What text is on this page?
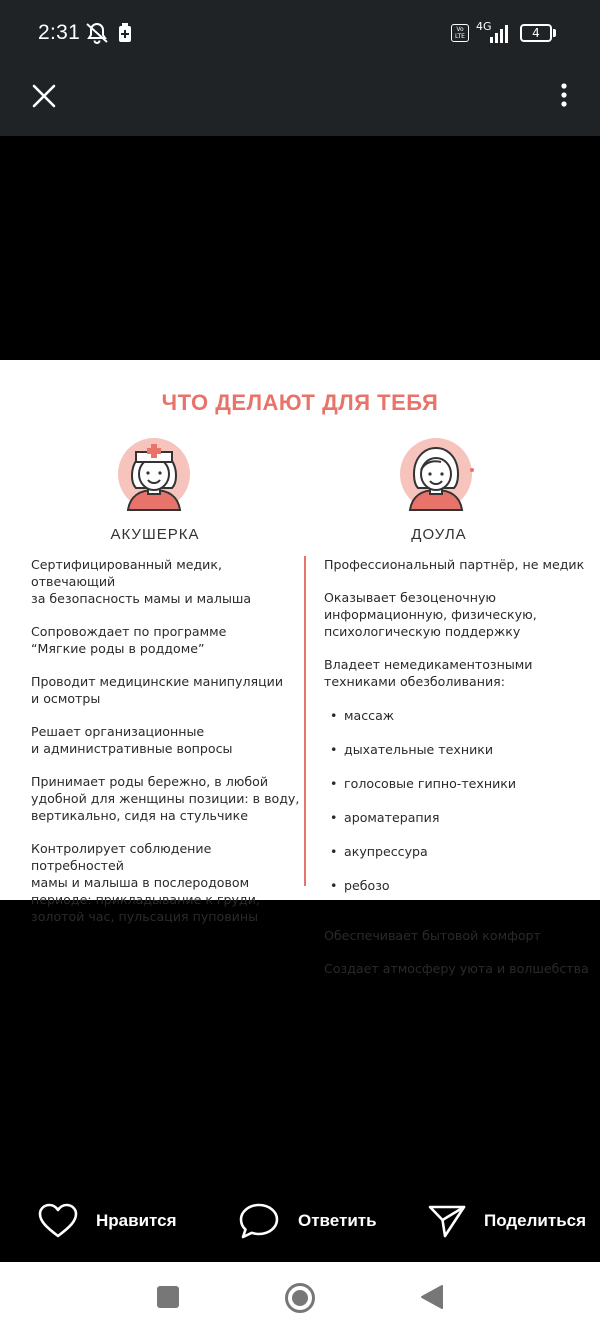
2:31	Vo LTE
4G	4
ЧТО ДЕЛАЮТ ДЛЯ ТЕБЯ
АКУШЕРКА	ДОУЛА
Сертифицированный медик, отвечающий
за безопасность мамы и малыша
Сопровождает по программе
“Мягкие роды в роддоме”
Проводит медицинские манипуляции
и осмотры
Решает организационные
и административные вопросы
Принимает роды бережно, в любой
удобной для женщины позиции: в воду,
вертикально, сидя на стульчике
Контролирует соблюдение потребностей
мамы и малыша в послеродовом
периоде: прикладывание к груди,
золотой час, пульсация пуповины
Профессиональный партнёр, не медик
Оказывает безоценочную
информационную, физическую,
психологическую поддержку
Владеет немедикаментозными
техниками обезболивания:

• массаж

• дыхательные техники

• голосовые гипно-техники

• ароматерапия

• акупрессура

• ребозо

Обеспечивает бытовой комфорт
Создает атмосферу уюта и волшебства
Нравится	Ответить	Поделиться
